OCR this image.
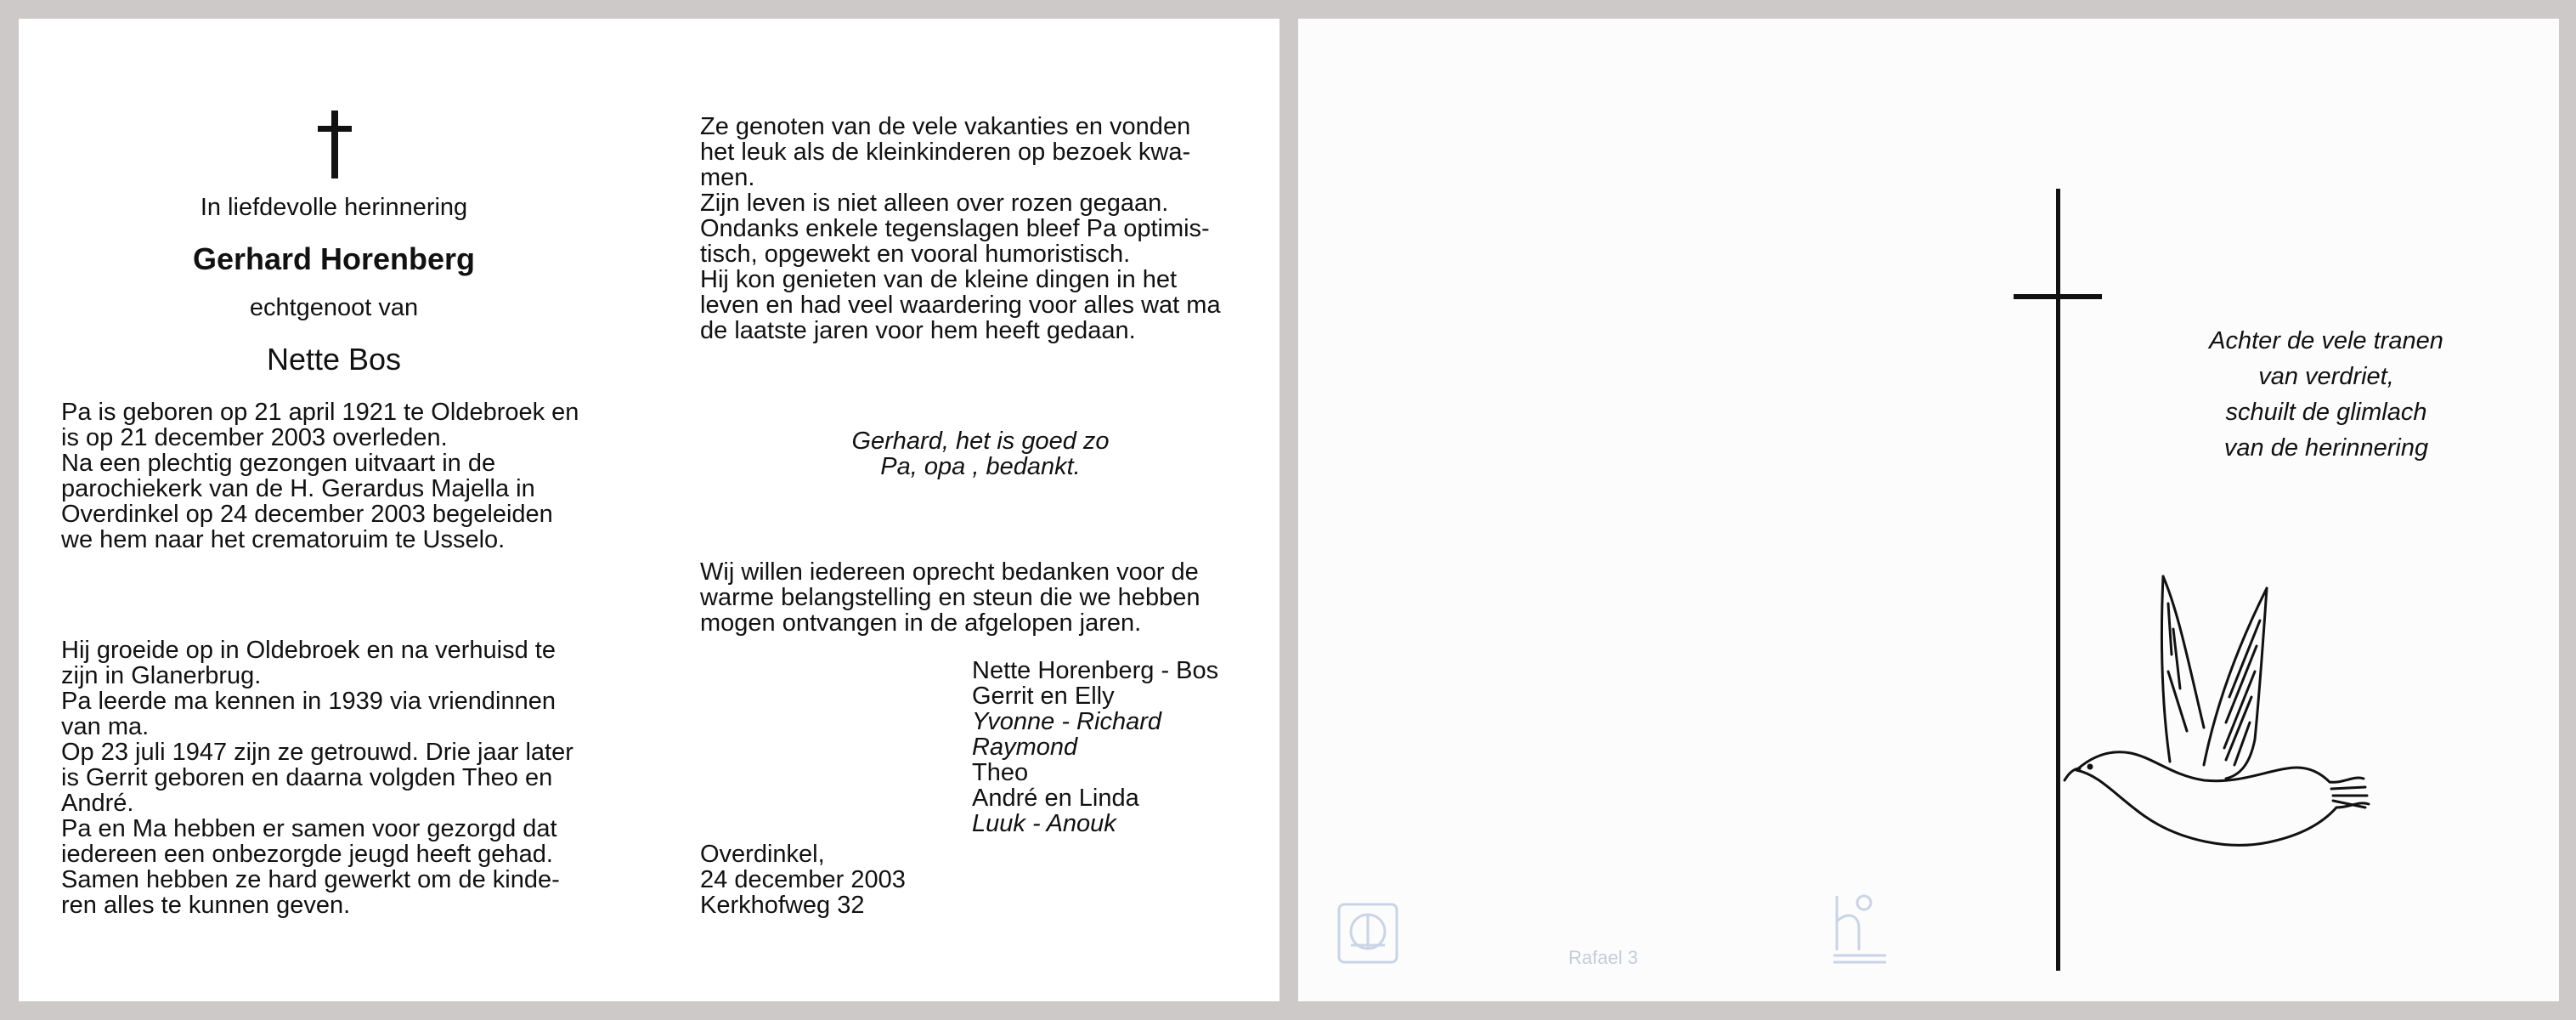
In liefdevolle herinnering
Gerhard Horenberg
echtgenoot van
Nette Bos

Pa is geboren op 21 april 1921 te Oldebroek en

is op 21 december 2003 overleden.

Na een plechtig gezongen uitvaart in de

parochiekerk van de H. Gerardus Majella in

Overdinkel op 24 december 2003 begeleiden

we hem naar het crematoruim te Usselo.

Hij groeide op in Oldebroek en na verhuisd te

zijn in Glanerbrug.

Pa leerde ma kennen in 1939 via vriendinnen

van ma.

Op 23 juli 1947 zijn ze getrouwd. Drie jaar later

is Gerrit geboren en daarna volgden Theo en

André.

Pa en Ma hebben er samen voor gezorgd dat

iedereen een onbezorgde jeugd heeft gehad.

Samen hebben ze hard gewerkt om de kinde-

ren alles te kunnen geven.

Ze genoten van de vele vakanties en vonden

het leuk als de kleinkinderen op bezoek kwa-

men.

Zijn leven is niet alleen over rozen gegaan.

Ondanks enkele tegenslagen bleef Pa optimis-

tisch, opgewekt en vooral humoristisch.

Hij kon genieten van de kleine dingen in het

leven en had veel waardering voor alles wat ma

de laatste jaren voor hem heeft gedaan.

Gerhard, het is goed zo

Pa, opa , bedankt.

Wij willen iedereen oprecht bedanken voor de

warme belangstelling en steun die we hebben

mogen ontvangen in de afgelopen jaren.

Nette Horenberg - Bos
Gerrit en Elly
Yvonne - Richard
Raymond
Theo
André en Linda
Luuk - Anouk
Overdinkel,
24 december 2003
Kerkhofweg 32
Achter de vele tranen
van verdriet,
schuilt de glimlach
van de herinnering
Rafael 3
